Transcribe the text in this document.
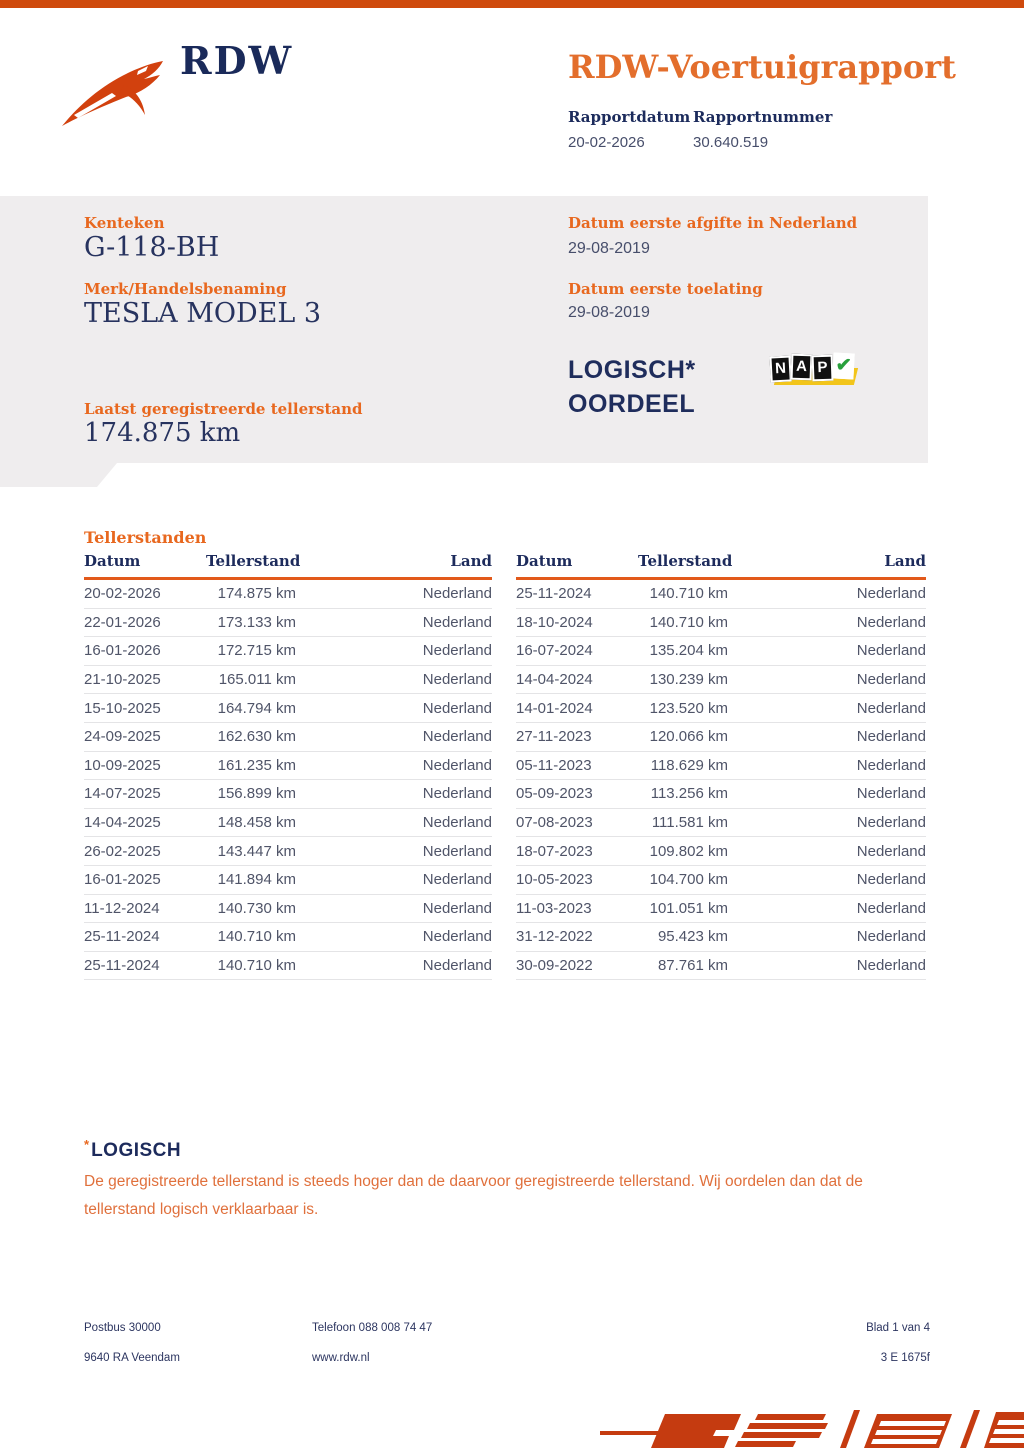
RDW	RDW-Voertuigrapport
Rapportdatum Rapportnummer
20-02-2026	30.640.519
Kenteken
G-118-BH
Merk/Handelsbenaming
TESLA MODEL 3
Laatst geregistreerde tellerstand
174.875 km
Datum eerste afgifte in Nederland
29-08-2019
Datum eerste toelating
29-08-2019
LOGISCH*
OORDEEL
N A P ✔
Tellerstanden
Datum	Tellerstand	Land
20-02-2026	174.875 km	Nederland
22-01-2026	173.133 km	Nederland
16-01-2026	172.715 km	Nederland
21-10-2025	165.011 km	Nederland
15-10-2025	164.794 km	Nederland
24-09-2025	162.630 km	Nederland
10-09-2025	161.235 km	Nederland
14-07-2025	156.899 km	Nederland
14-04-2025	148.458 km	Nederland
26-02-2025	143.447 km	Nederland
16-01-2025	141.894 km	Nederland
11-12-2024	140.730 km	Nederland
25-11-2024	140.710 km	Nederland
25-11-2024	140.710 km	Nederland
Datum	Tellerstand	Land
25-11-2024	140.710 km	Nederland
18-10-2024	140.710 km	Nederland
16-07-2024	135.204 km	Nederland
14-04-2024	130.239 km	Nederland
14-01-2024	123.520 km	Nederland
27-11-2023	120.066 km	Nederland
05-11-2023	118.629 km	Nederland
05-09-2023	113.256 km	Nederland
07-08-2023	111.581 km	Nederland
18-07-2023	109.802 km	Nederland
10-05-2023	104.700 km	Nederland
11-03-2023	101.051 km	Nederland
31-12-2022	95.423 km	Nederland
30-09-2022	87.761 km	Nederland
* LOGISCH
De geregistreerde tellerstand is steeds hoger dan de daarvoor geregistreerde tellerstand. Wij oordelen dan dat de tellerstand logisch verklaarbaar is.
Postbus 30000
9640 RA Veendam
Telefoon 088 008 74 47
www.rdw.nl
Blad 1 van 4
3 E 1675f
